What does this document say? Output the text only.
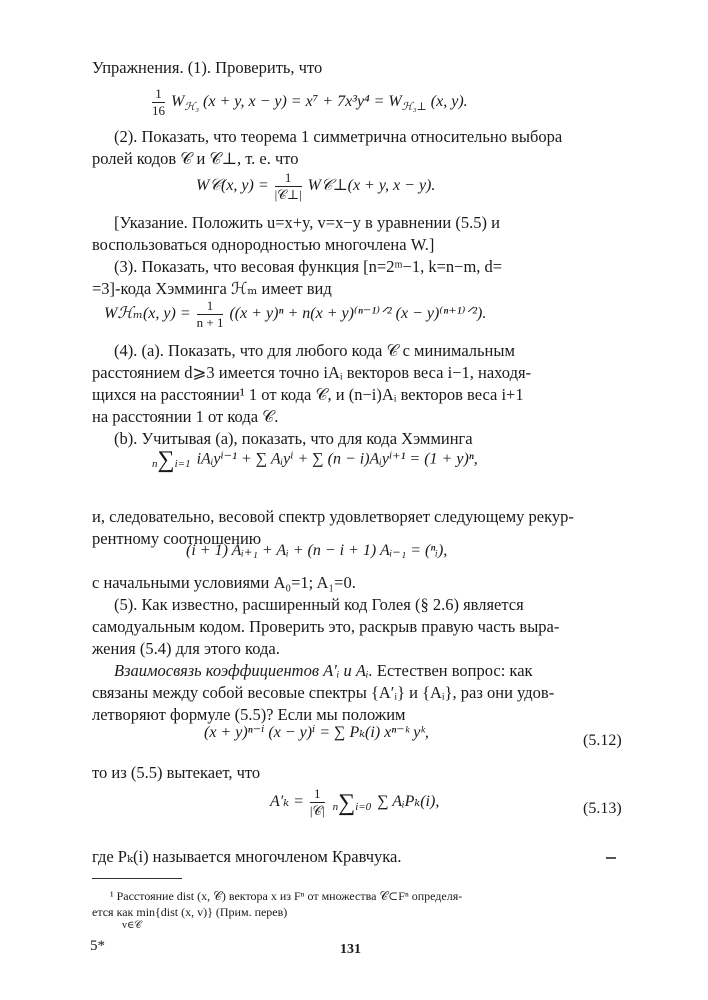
Упражнения. (1). Проверить, что
$\frac{1}{16} W_{ℋ_3}$ (x + y, $x - y) = x^7 + 7x^3y^4 = W_{ℋ_3\perp}$ (x, y).
(2). Показать, что теорема 1 симметрична относительно выбора
ролей кодов 𝒞 и 𝒞⊥, т. е. что
W𝒞(x, $y) = \frac{1}{\text{|𝒞⊥|}}$ W𝒞⊥(x + y, x − y).
[Указание. Положить u=x+y, v=x−y в уравнении (5.5) и
воспользоваться однородностью многочлена W.]
(3). Показать, что весовая функция [n=2ᵐ−1, k=n−m, d=
=3]-кода Хэмминга ℋₘ имеет вид
Wℋₘ(x, $y) = \frac{1}{n + 1} ((x + y)^n + n(x$ + y)⁽ⁿ⁻¹⁾ᐟ² (x − y)⁽ⁿ⁺¹⁾ᐟ²).
(4). (a). Показать, что для любого кода 𝒞 с минимальным
расстоянием d⩾3 имеется точно iAᵢ векторов веса i−1, находя-
щихся на расстоянии¹ 1 от кода 𝒞, и (n−i)Aᵢ векторов веса i+1
на расстоянии 1 от кода 𝒞.
(b). Учитывая (a), показать, что для кода Хэмминга
n∑i=1 iAᵢyⁱ⁻¹ + ∑ Aᵢyⁱ + ∑ (n − i)Aᵢyⁱ⁺¹ = (1 + y)ⁿ,
и, следовательно, весовой спектр удовлетворяет следующему рекур-
рентному соотношению
(i + 1) Aᵢ₊₁ + Aᵢ + (n − i + 1) Aᵢ₋₁ = (ⁿᵢ),
с начальными условиями A₀=1; A₁=0.
(5). Как известно, расширенный код Голея (§ 2.6) является
самодуальным кодом. Проверить это, раскрыв правую часть выра-
жения (5.4) для этого кода.
Взаимосвязь коэффициентов A′ᵢ и Aᵢ. Естествен вопрос: как
связаны между собой весовые спектры {A′ᵢ} и {Aᵢ}, раз они удов-
летворяют формуле (5.5)? Если мы положим
(x + y)ⁿ⁻ⁱ (x − y)ⁱ = ∑ Pₖ(i) xⁿ⁻ᵏ yᵏ,	(5.12)
то из (5.5) вытекает, что
$A'_k = \frac{1}{\text{|𝒞|}} n\sum i=0$ ∑ AᵢPₖ(i),	(5.13)
где Pₖ(i) называется многочленом Кравчука.
¹ Расстояние dist (x, 𝒞) вектора x из Fⁿ от множества 𝒞⊂Fⁿ определя-
ется как min{dist (x, v)} (Прим. перев)
v∈𝒞
5*	131
